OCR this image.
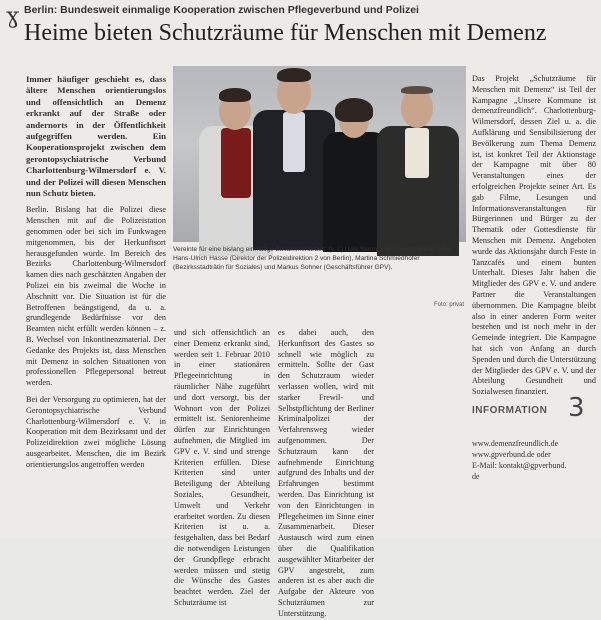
ɣ Berlin: Bundesweit einmalige Kooperation zwischen Pflegeverbund und Polizei
Heime bieten Schutzräume für Menschen mit Demenz

Immer häufiger geschieht es, dass ältere Menschen orientierungslos und offensichtlich an Demenz erkrankt auf der Straße oder andernorts in der Öffentlichkeit aufgegriffen werden. Ein Kooperationsprojekt zwischen dem gerontopsychiatrische Verbund Charlottenburg-Wilmersdorf e. V. und der Polizei will diesen Menschen nun Schutz bieten.

Berlin. Bislang hat die Polizei diese Menschen mit auf die Polizeistation genommen oder bei sich im Funkwagen mitgenommen, bis der Herkunftsort herausgefunden wurde. Im Bereich des Bezirks Charlottenburg-Wilmersdorf kamen dies nach geschätzten Angaben der Polizei ein bis zweimal die Woche in Abschnitt vor. Die Situation ist für die Betroffenen beängstigend, da u. a. grundlegende Bedürfnisse vor den Beamten nicht erfüllt werden können – z. B. Wechsel von Inkontinenzmaterial. Der Gedanke des Projekts ist, dass Menschen mit Demenz in solchen Situationen von professionellen Pflegepersonal betreut werden.

Bei der Versorgung zu optimieren, hat der Gerontopsychiatrische Verbund Charlottenburg-Wilmersdorf e. V. in Kooperation mit dem Bezirksamt und der Polizeidirektion zwei mögliche Lösung ausgearbeitet. Menschen, die im Bezirk orientierungslos angetroffen werden

Vereinte für eine bislang einmalige Zusammenarbeit: (v. l.) Uwe Stenn, nach; vorsitzender GPV; Hans-Ulrich Hasse (Direktor der Polizeidirektion 2 von Berlin), Martina Schmiedhofer (Bezirksstadträtin für Soziales) und Markus Sohner (Geschäftsführer GPV).
Foto: privat

und sich offensichtlich an einer Demenz erkrankt sind, werden seit 1. Februar 2010 in einer stationären Pflegeeinrichtung in räumlicher Nähe zugeführt und dort versorgt, bis der Wohnort von der Polizei ermittelt ist. Seniorenheime dürfen zur Einrichtungen aufnehmen, die Mitglied im GPV e. V. sind und strenge Kriterien erfüllen. Diese Kriterien sind unter Beteiligung der Abteilung Soziales, Gesundheit, Umwelt und Verkehr erarbeitet worden. Zu diesen Kriterien ist u. a. festgehalten, dass bei Bedarf die notwendigen Leistungen der Grundpflege erbracht werden müssen und stetig die Wünsche des Gastes beachtet werden. Ziel der Schutzräume ist

es dabei auch, den Herkunftsort des Gastes so schnell wie möglich zu ermitteln. Sollte der Gast den Schutzraum wieder verlassen wollen, wird mit starker Frewil- und Selbstpflichtung der Berliner Kriminalpolizei der Verfahrensweg wieder aufgenommen. Der Schutzraum kann der aufnehmende Einrichtung aufgrund des Inhalts und der Erfahrungen bestimmt werden. Das Einrichtung ist von den Einrichtungen in Pflegeheimen im Sinne einer Zusammenarbeit. Dieser Austausch wird zum einen über die Qualifikation ausgewählter Mitarbeiter der GPV angestrebt, zum anderen ist es aber auch die Aufgabe der Akteure von Schutzräumen zur Unterstützung.

Das Projekt „Schutzräume für Menschen mit Demenz“ ist Teil der Kampagne „Unsere Kommune ist demenzfreundlich“. Charlottenburg-Wilmersdorf, dessen Ziel u. a. die Aufklärung und Sensibilisierung der Bevölkerung zum Thema Demenz ist, ist konkret Teil der Aktionstage der Kampagne mit über 80 Veranstaltungen eines der erfolgreichen Projekte seiner Art. Es gab Filme, Lesungen und Informationsveranstaltungen für Bürgerinnen und Bürger zu der Thematik oder Gottesdienste für Menschen mit Demenz. Angeboten wurde das Aktionsjahr durch Feste in Tanzcafés und einem bunten Unterhalt. Dieses Jahr haben die Mitglieder des GPV e. V. und andere Partner die Veranstaltungen übernommen. Die Kampagne bleibt also in einer anderen Form weiter bestehen und ist noch mehr in der Gemeinde integriert. Die Kampagne hat sich von Anfang an durch Spenden und durch die Unterstützung der Mitglieder des GPV e. V. und der Abteilung Gesundheit und Sozialwesen finanziert.

INFORMATION 3
www.demenzfreundlich.de
www.gpverbund.de oder
E-Mail: kontakt@gpverbund.
de
